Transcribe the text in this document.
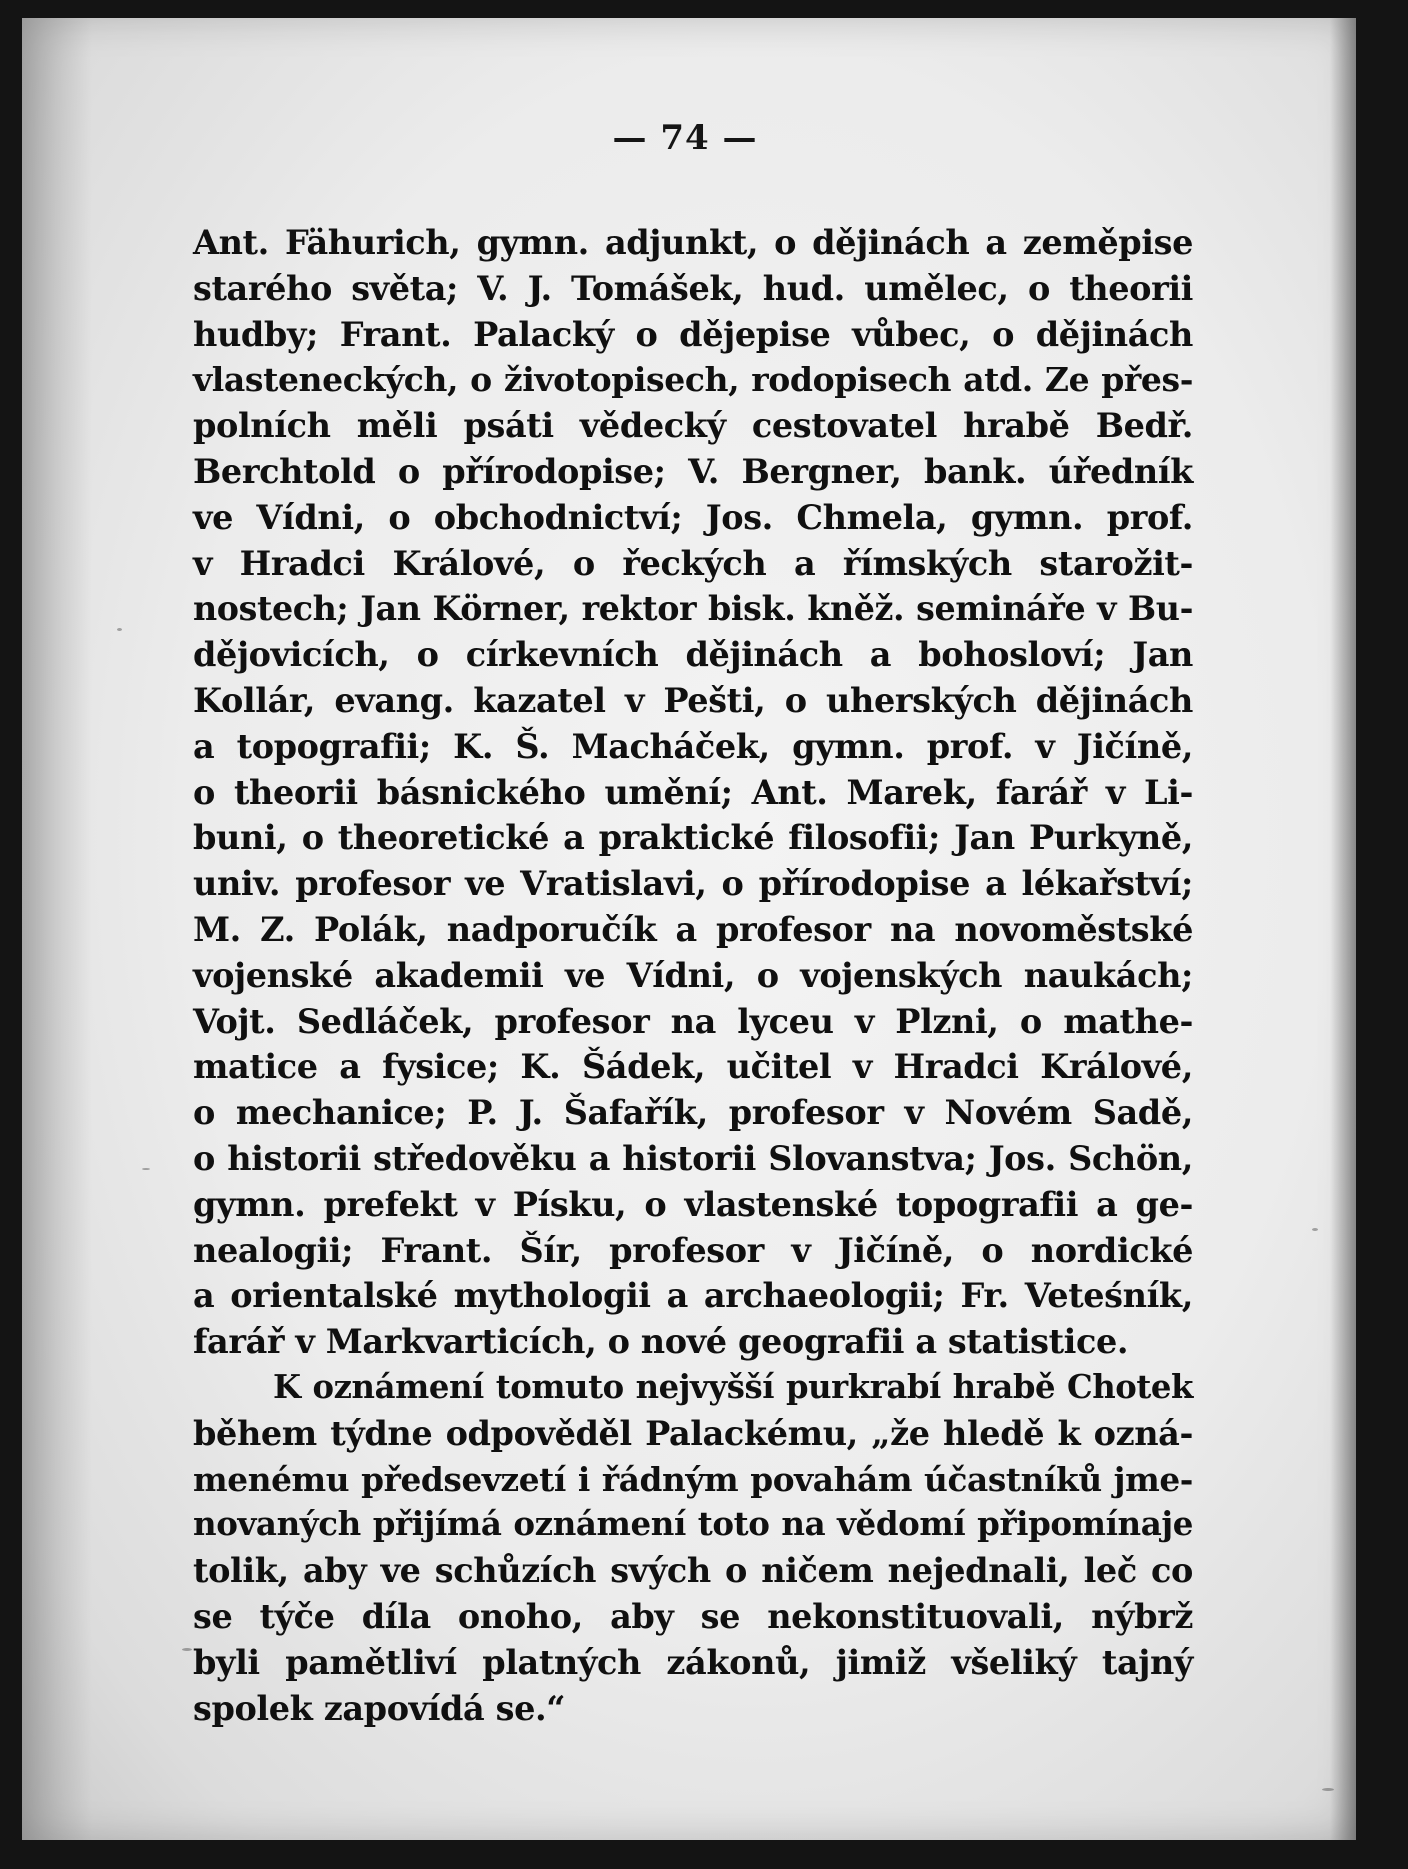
— 74 —
Ant. Fähurich, gymn. adjunkt, o dějinách a zeměpise
starého světa; V. J. Tomášek, hud. umělec, o theorii
hudby; Frant. Palacký o dějepise vůbec, o dějinách
vlasteneckých, o životopisech, rodopisech atd. Ze přes-
polních měli psáti vědecký cestovatel hrabě Bedř.
Berchtold o přírodopise; V. Bergner, bank. úředník
ve Vídni, o obchodnictví; Jos. Chmela, gymn. prof.
v Hradci Králové, o řeckých a římských starožit-
nostech; Jan Körner, rektor bisk. kněž. semináře v Bu-
dějovicích, o církevních dějinách a bohosloví; Jan
Kollár, evang. kazatel v Pešti, o uherských dějinách
a topografii; K. Š. Macháček, gymn. prof. v Jičíně,
o theorii básnického umění; Ant. Marek, farář v Li-
buni, o theoretické a praktické filosofii; Jan Purkyně,
univ. profesor ve Vratislavi, o přírodopise a lékařství;
M. Z. Polák, nadporučík a profesor na novoměstské
vojenské akademii ve Vídni, o vojenských naukách;
Vojt. Sedláček, profesor na lyceu v Plzni, o mathe-
matice a fysice; K. Šádek, učitel v Hradci Králové,
o mechanice; P. J. Šafařík, profesor v Novém Sadě,
o historii středověku a historii Slovanstva; Jos. Schön,
gymn. prefekt v Písku, o vlastenské topografii a ge-
nealogii; Frant. Šír, profesor v Jičíně, o nordické
a orientalské mythologii a archaeologii; Fr. Veteśník,
farář v Markvarticích, o nové geografii a statistice.
K oznámení tomuto nejvyšší purkrabí hrabě Chotek
během týdne odpověděl Palackému, „že hledě k ozná-
menému předsevzetí i řádným povahám účastníků jme-
novaných přijímá oznámení toto na vědomí připomínaje
tolik, aby ve schůzích svých o ničem nejednali, leč co
se týče díla onoho, aby se nekonstituovali, nýbrž
byli pamětliví platných zákonů, jimiž všeliký tajný
spolek zapovídá se.“
